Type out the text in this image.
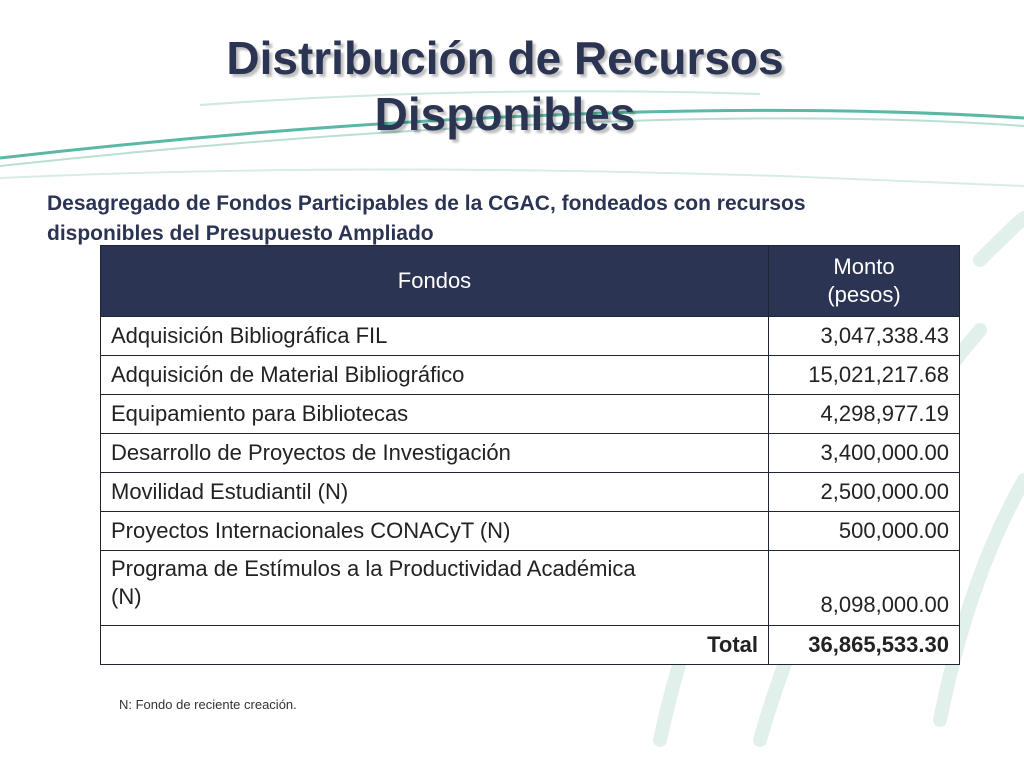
Distribución de Recursos
Disponibles
Desagregado de Fondos Participables de la CGAC, fondeados con recursos
disponibles del Presupuesto Ampliado
Fondos	Monto
(pesos)

Adquisición Bibliográfica FIL	3,047,338.43
Adquisición de Material Bibliográfico	15,021,217.68
Equipamiento para Bibliotecas	4,298,977.19
Desarrollo de Proyectos de Investigación	3,400,000.00
Movilidad Estudiantil (N)	2,500,000.00
Proyectos Internacionales CONACyT (N)	500,000.00
Programa de Estímulos a la Productividad Académica
(N)	8,098,000.00
Total	36,865,533.30
N: Fondo de reciente creación.
